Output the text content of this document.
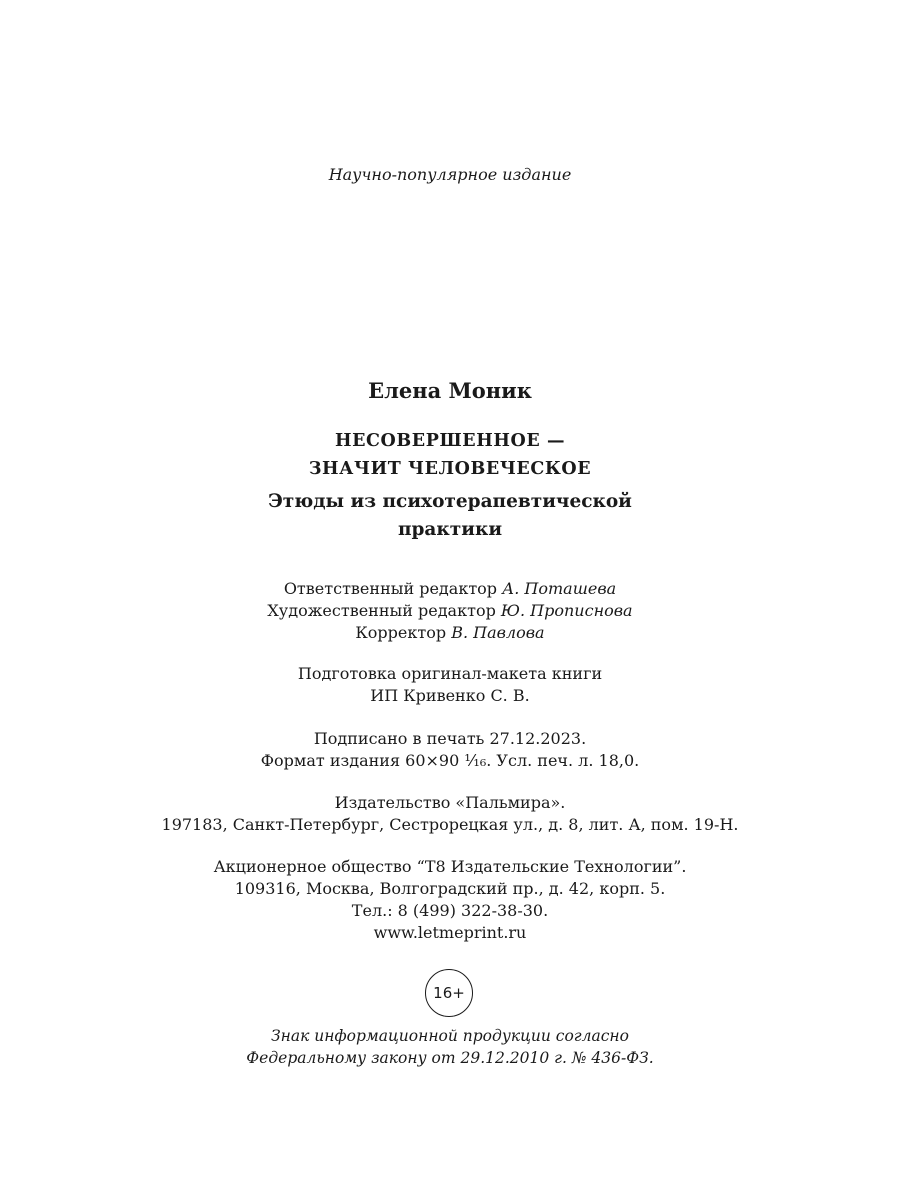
Научно-популярное издание
Елена Моник
НЕСОВЕРШЕННОЕ —
ЗНАЧИТ ЧЕЛОВЕЧЕСКОЕ
Этюды из психотерапевтической
практики
Ответственный редактор А. Поташева
Художественный редактор Ю. Прописнова
Корректор В. Павлова
Подготовка оригинал-макета книги
ИП Кривенко С. В.
Подписано в печать 27.12.2023.
Формат издания 60×90 ¹⁄₁₆. Усл. печ. л. 18,0.
Издательство «Пальмира».
197183, Санкт-Петербург, Сестрорецкая ул., д. 8, лит. А, пом. 19-Н.
Акционерное общество “Т8 Издательские Технологии”.
109316, Москва, Волгоградский пр., д. 42, корп. 5.
Тел.: 8 (499) 322-38-30.
www.letmeprint.ru
16+
Знак информационной продукции согласно
Федеральному закону от 29.12.2010 г. № 436-ФЗ.
